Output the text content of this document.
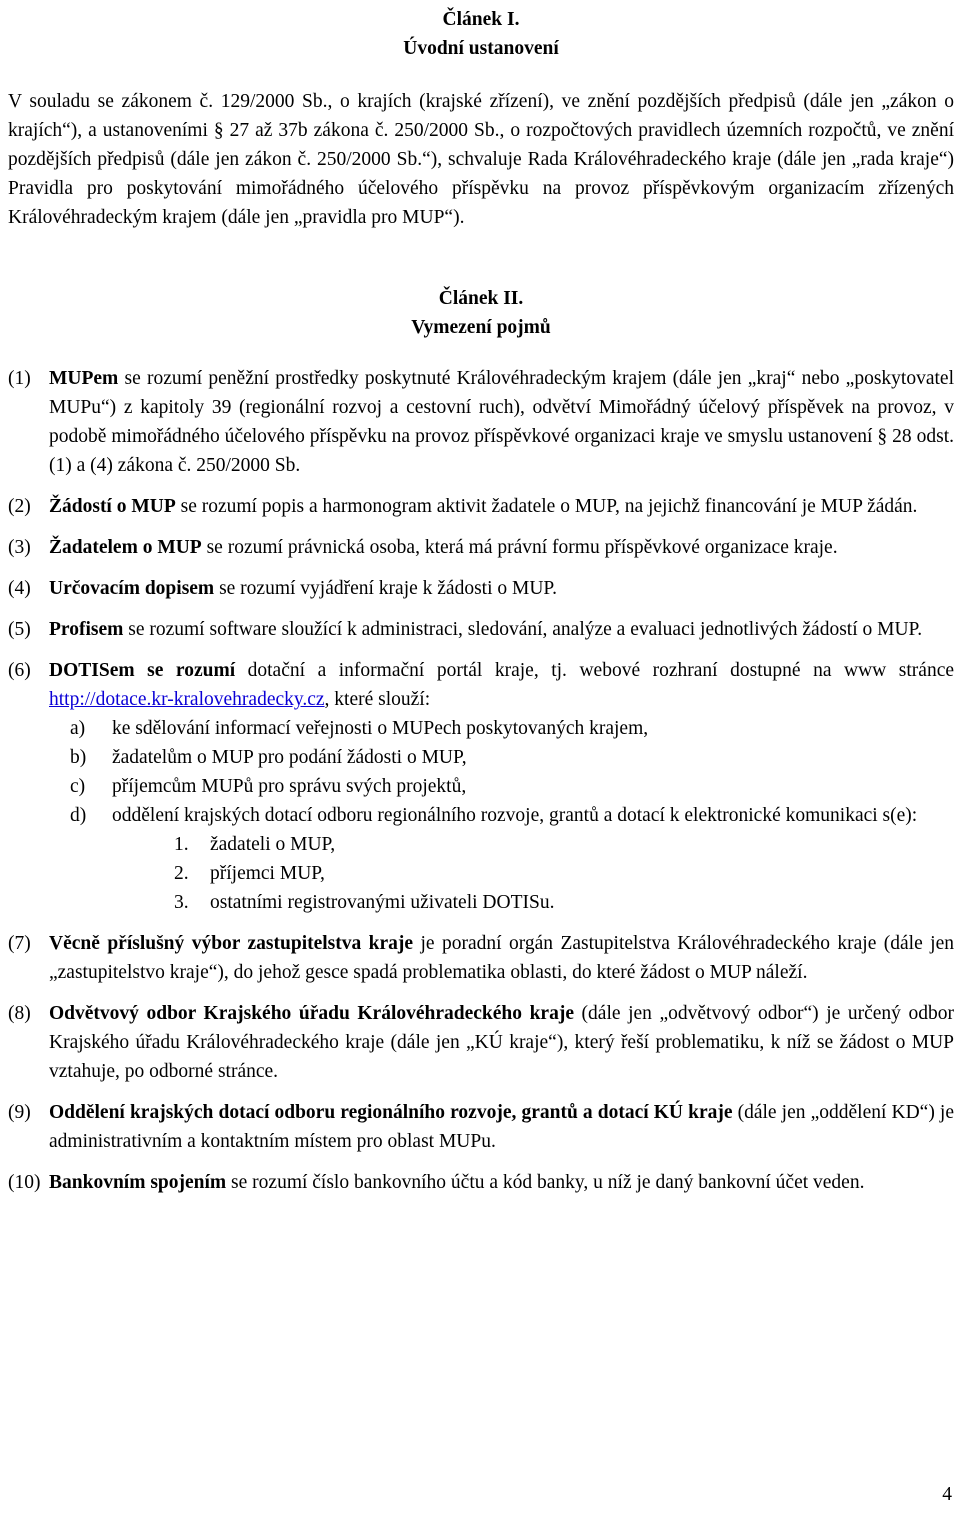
Článek I.

Úvodní ustanovení

V souladu se zákonem č. 129/2000 Sb., o krajích (krajské zřízení), ve znění pozdějších předpisů (dále jen „zákon o krajích“), a ustanoveními § 27 až 37b zákona č. 250/2000 Sb., o rozpočtových pravidlech územních rozpočtů, ve znění pozdějších předpisů (dále jen zákon č. 250/2000 Sb.“), schvaluje Rada Královéhradeckého kraje (dále jen „rada kraje“) Pravidla pro poskytování mimořádného účelového příspěvku na provoz příspěvkovým organizacím zřízených Královéhradeckým krajem (dále jen „pravidla pro MUP“).

Článek II.

Vymezení pojmů

(1) MUPem se rozumí peněžní prostředky poskytnuté Královéhradeckým krajem (dále jen „kraj“ nebo „poskytovatel MUPu“) z kapitoly 39 (regionální rozvoj a cestovní ruch), odvětví Mimořádný účelový příspěvek na provoz, v podobě mimořádného účelového příspěvku na provoz příspěvkové organizaci kraje ve smyslu ustanovení § 28 odst. (1) a (4) zákona č. 250/2000 Sb.
(2) Žádostí o MUP se rozumí popis a harmonogram aktivit žadatele o MUP, na jejichž financování je MUP žádán.
(3) Žadatelem o MUP se rozumí právnická osoba, která má právní formu příspěvkové organizace kraje.
(4) Určovacím dopisem se rozumí vyjádření kraje k žádosti o MUP.
(5) Profisem se rozumí software sloužící k administraci, sledování, analýze a evaluaci jednotlivých žádostí o MUP.
(6) DOTISem se rozumí dotační a informační portál kraje, tj. webové rozhraní dostupné na www stránce http://dotace.kr-kralovehradecky.cz, které slouží:
a)	ke sdělování informací veřejnosti o MUPech poskytovaných krajem,
b)	žadatelům o MUP pro podání žádosti o MUP,
c)	příjemcům MUPů pro správu svých projektů,
d)	oddělení krajských dotací odboru regionálního rozvoje, grantů a dotací k elektronické komunikaci s(e):
1.	žadateli o MUP,
2.	příjemci MUP,
3.	ostatními registrovanými uživateli DOTISu.
(7) Věcně příslušný výbor zastupitelstva kraje je poradní orgán Zastupitelstva Královéhradeckého kraje (dále jen „zastupitelstvo kraje“), do jehož gesce spadá problematika oblasti, do které žádost o MUP náleží.
(8) Odvětvový odbor Krajského úřadu Královéhradeckého kraje (dále jen „odvětvový odbor“) je určený odbor Krajského úřadu Královéhradeckého kraje (dále jen „KÚ kraje“), který řeší problematiku, k níž se žádost o MUP vztahuje, po odborné stránce.
(9) Oddělení krajských dotací odboru regionálního rozvoje, grantů a dotací KÚ kraje (dále jen „oddělení KD“) je administrativním a kontaktním místem pro oblast MUPu.
(10) Bankovním spojením se rozumí číslo bankovního účtu a kód banky, u níž je daný bankovní účet veden.
4
